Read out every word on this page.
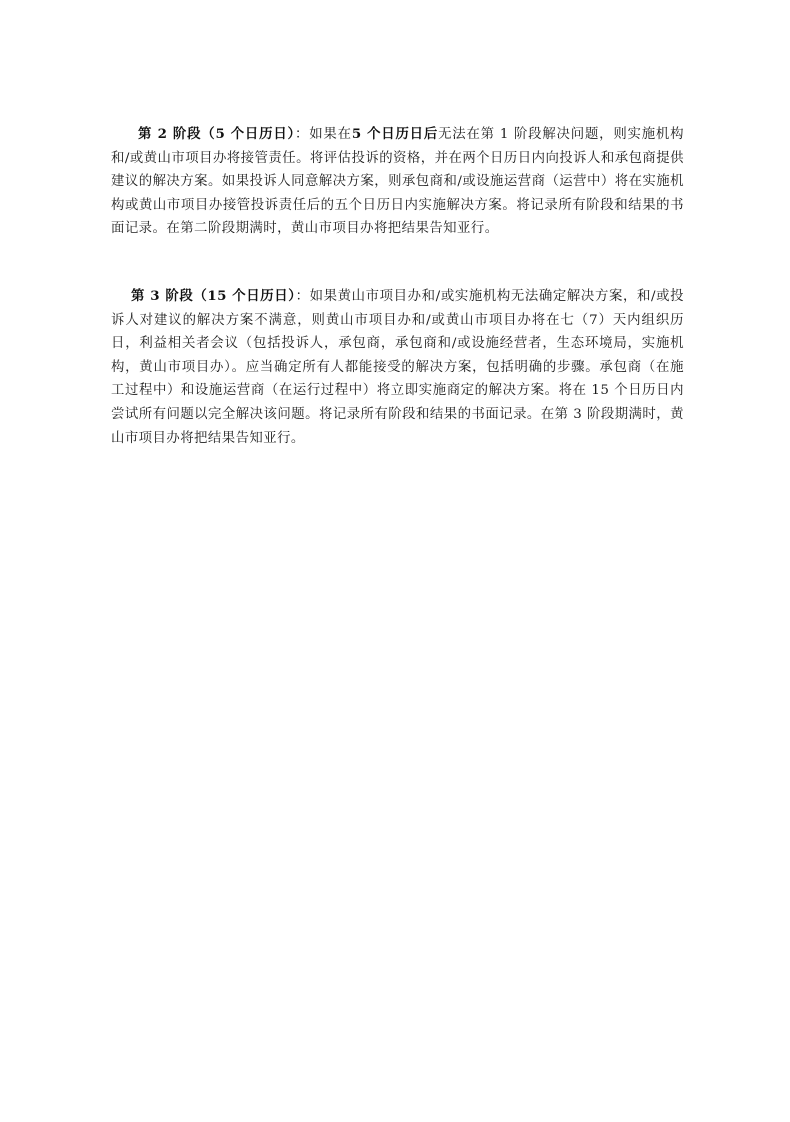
第 2 阶段（5 个日历日）：如果在5 个日历日后无法在第 1 阶段解决问题，则实施机构和/或黄山市项目办将接管责任。将评估投诉的资格，并在两个日历日内向投诉人和承包商提供建议的解决方案。如果投诉人同意解决方案，则承包商和/或设施运营商（运营中）将在实施机构或黄山市项目办接管投诉责任后的五个日历日内实施解决方案。将记录所有阶段和结果的书面记录。在第二阶段期满时，黄山市项目办将把结果告知亚行。

第 3 阶段（15 个日历日）：如果黄山市项目办和/或实施机构无法确定解决方案，和/或投诉人对建议的解决方案不满意，则黄山市项目办和/或黄山市项目办将在七（7）天内组织历日，利益相关者会议（包括投诉人，承包商，承包商和/或设施经营者，生态环境局，实施机构，黄山市项目办）。应当确定所有人都能接受的解决方案，包括明确的步骤。承包商（在施工过程中）和设施运营商（在运行过程中）将立即实施商定的解决方案。将在 15 个日历日内尝试所有问题以完全解决该问题。将记录所有阶段和结果的书面记录。在第 3 阶段期满时，黄山市项目办将把结果告知亚行。
